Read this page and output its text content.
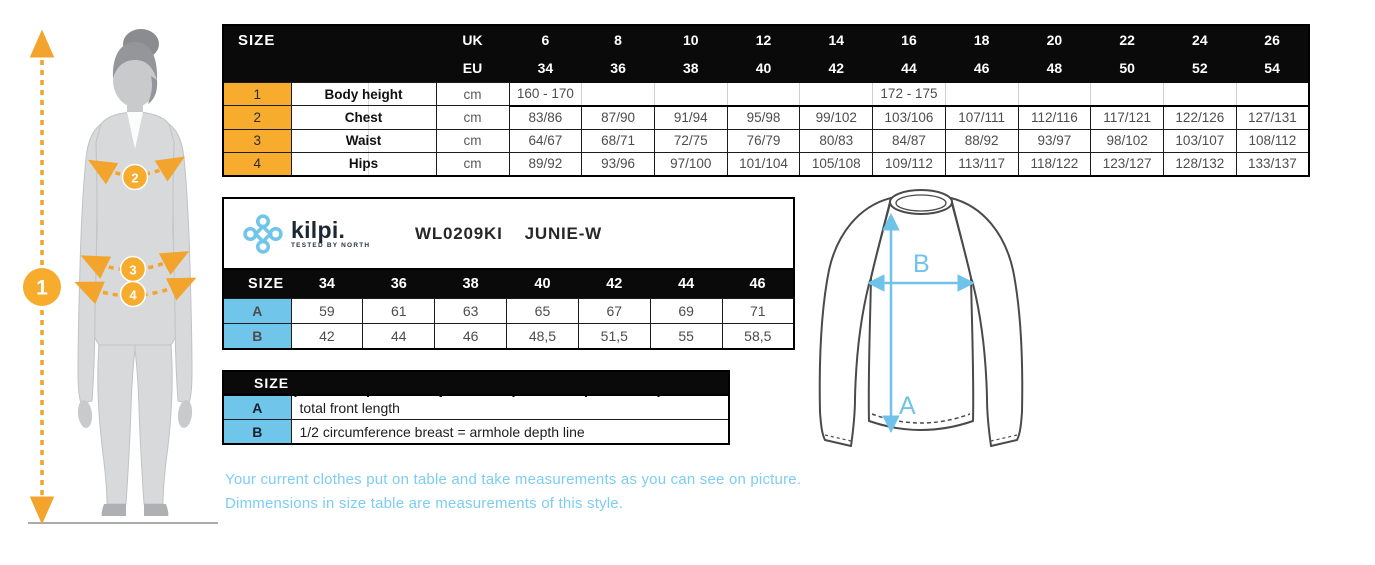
1
2
3
4
SIZE		UK	6	8	10	12	14	16	18	20	22	24	26
		EU	34	36	38	40	42	44	46	48	50	52	54
1	Body height	cm	160 - 170					172 - 175					
2	Chest	cm	83/86	87/90	91/94	95/98	99/102	103/106	107/111	112/116	117/121	122/126	127/131
3	Waist	cm	64/67	68/71	72/75	76/79	80/83	84/87	88/92	93/97	98/102	103/107	108/112
4	Hips	cm	89/92	93/96	97/100	101/104	105/108	109/112	113/117	118/122	123/127	128/132	133/137
kilpi.
TESTED BY NORTH
WL0209KI JUNIE-W
SIZE	34	36	38	40	42	44	46
A	59	61	63	65	67	69	71
B	42	44	46	48,5	51,5	55	58,5
SIZE
A	total front length
B	1/2 circumference breast = armhole depth line
B
A
Your current clothes put on table and take measurements as you can see on picture.
Dimmensions in size table are measurements of this style.
